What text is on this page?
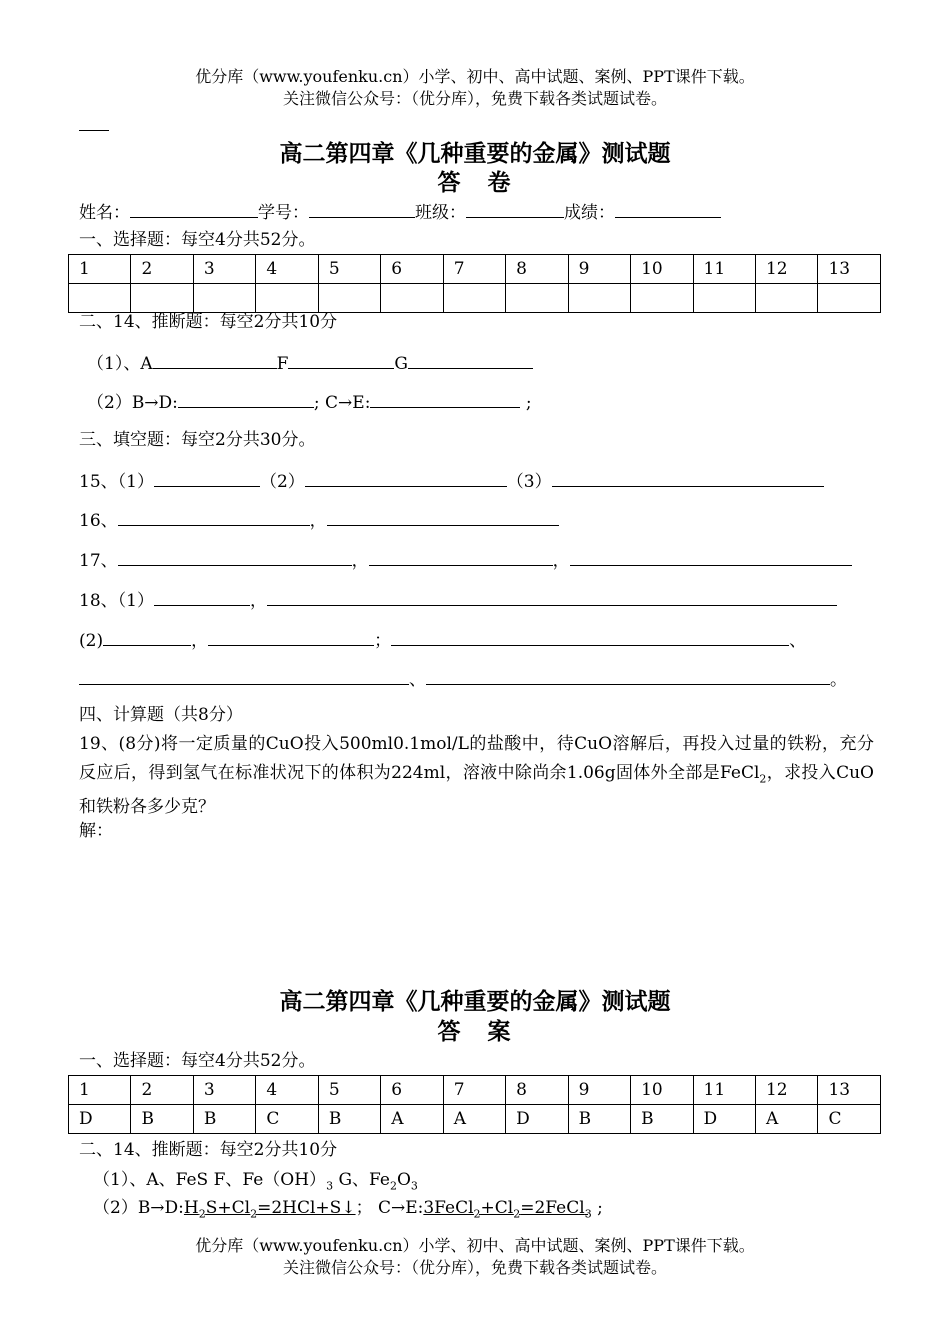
优分库（www.youfenku.cn）小学、初中、高中试题、案例、PPT课件下载。
关注微信公众号：（优分库），免费下载各类试题试卷。
高二第四章《几种重要的金属》测试题
答　卷
姓名：	学号：	班级：	成绩：
一、选择题：每空4分共52分。
1	2	3	4	5	6	7	8	9	10	11	12	13

二、14、推断题：每空2分共10分
（1）、A	F	G
（2）B→D:	; C→E:	;
三、填空题：每空2分共30分。
15、（1）	（2）	（3）
16、	，
17、	，	，
18、（1）	，
(2)	，	；	、
、	。
四、计算题（共8分）
19、(8分)将一定质量的CuO投入500ml0.1mol/L的盐酸中，待CuO溶解后，再投入过量的铁粉，充分反应后，得到氢气在标准状况下的体积为224ml，溶液中除尚余1.06g固体外全部是FeCl$_2$，求投入CuO和铁粉各多少克？
解：
高二第四章《几种重要的金属》测试题
答　案
一、选择题：每空4分共52分。
1	2	3	4	5	6	7	8	9	10	11	12	13
D	B	B	C	B	A	A	D	B	B	D	A	C
二、14、推断题：每空2分共10分
（1）、A、FeS F、$Fe(OH)_3$ G、$Fe_2O_3$
$(2)B\to D:H_2S+Cl_2=2HCl+S↓$； $C\to E:3FeCl_2+Cl_2=2FeCl_3$ ;
优分库（www.youfenku.cn）小学、初中、高中试题、案例、PPT课件下载。
关注微信公众号：（优分库），免费下载各类试题试卷。
